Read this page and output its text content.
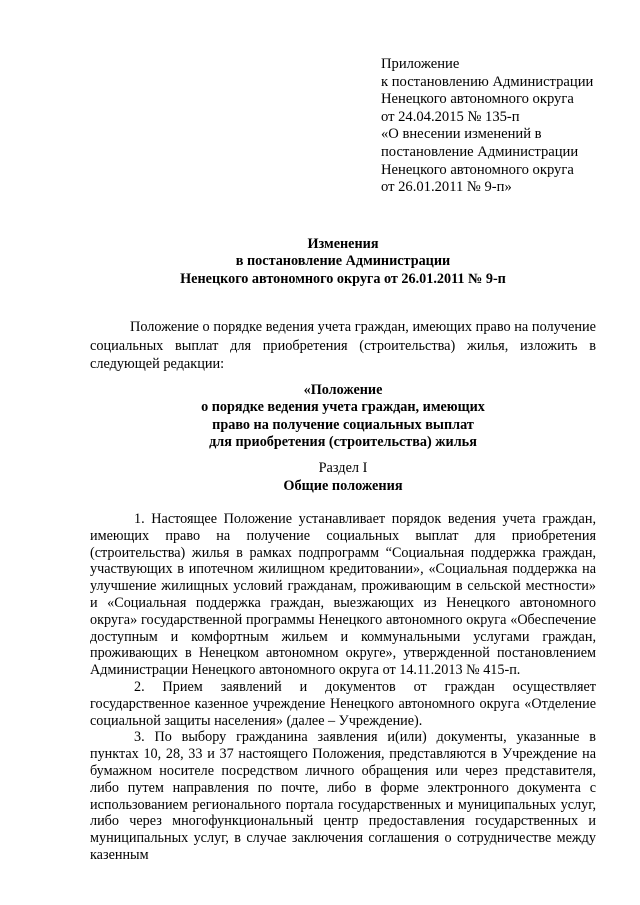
Приложение
к постановлению Администрации
Ненецкого автономного округа
от 24.04.2015 № 135-п
«О внесении изменений в
постановление Администрации
Ненецкого автономного округа
от 26.01.2011 № 9-п»
Изменения
в постановление Администрации
Ненецкого автономного округа от 26.01.2011 № 9-п
Положение о порядке ведения учета граждан, имеющих право на получение социальных выплат для приобретения (строительства) жилья, изложить в следующей редакции:
«Положение
о порядке ведения учета граждан, имеющих
право на получение социальных выплат
для приобретения (строительства) жилья
Раздел I
Общие положения

1. Настоящее Положение устанавливает порядок ведения учета граждан, имеющих право на получение социальных выплат для приобретения (строительства) жилья в рамках подпрограмм “Социальная поддержка граждан, участвующих в ипотечном жилищном кредитовании», «Социальная поддержка на улучшение жилищных условий гражданам, проживающим в сельской местности» и «Социальная поддержка граждан, выезжающих из Ненецкого автономного округа» государственной программы Ненецкого автономного округа «Обеспечение доступным и комфортным жильем и коммунальными услугами граждан, проживающих в Ненецком автономном округе», утвержденной постановлением Администрации Ненецкого автономного округа от 14.11.2013 № 415-п.

2. Прием заявлений и документов от граждан осуществляет государственное казенное учреждение Ненецкого автономного округа «Отделение социальной защиты населения» (далее – Учреждение).

3. По выбору гражданина заявления и(или) документы, указанные в пунктах 10, 28, 33 и 37 настоящего Положения, представляются в Учреждение на бумажном носителе посредством личного обращения или через представителя, либо путем направления по почте, либо в форме электронного документа с использованием регионального портала государственных и муниципальных услуг, либо через многофункциональный центр предоставления государственных и муниципальных услуг, в случае заключения соглашения о сотрудничестве между казенным
